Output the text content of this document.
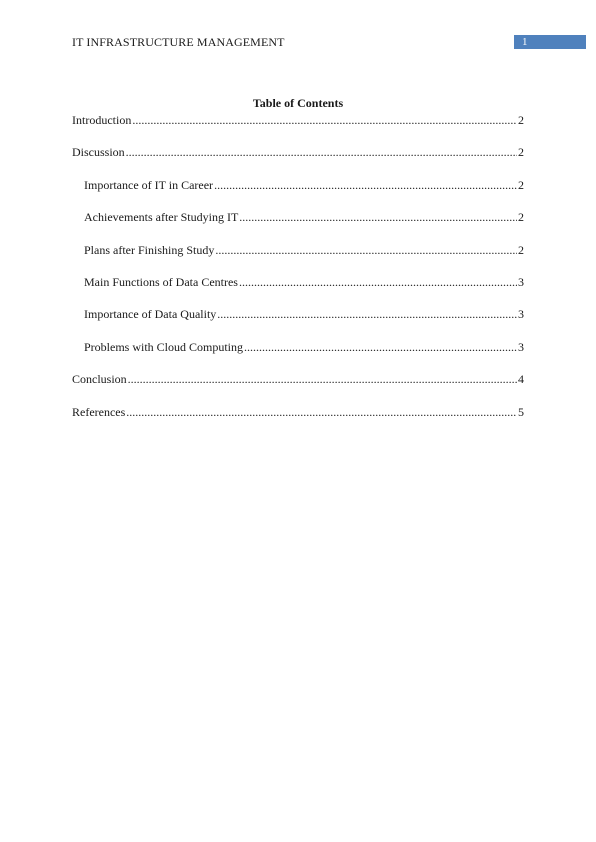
IT INFRASTRUCTURE MANAGEMENT	1
Table of Contents
Introduction .....	2
Discussion .....	2
Importance of IT in Career .....	2
Achievements after Studying IT .....	2
Plans after Finishing Study .....	2
Main Functions of Data Centres .....	3
Importance of Data Quality .....	3
Problems with Cloud Computing .....	3
Conclusion .....	4
References .....	5
